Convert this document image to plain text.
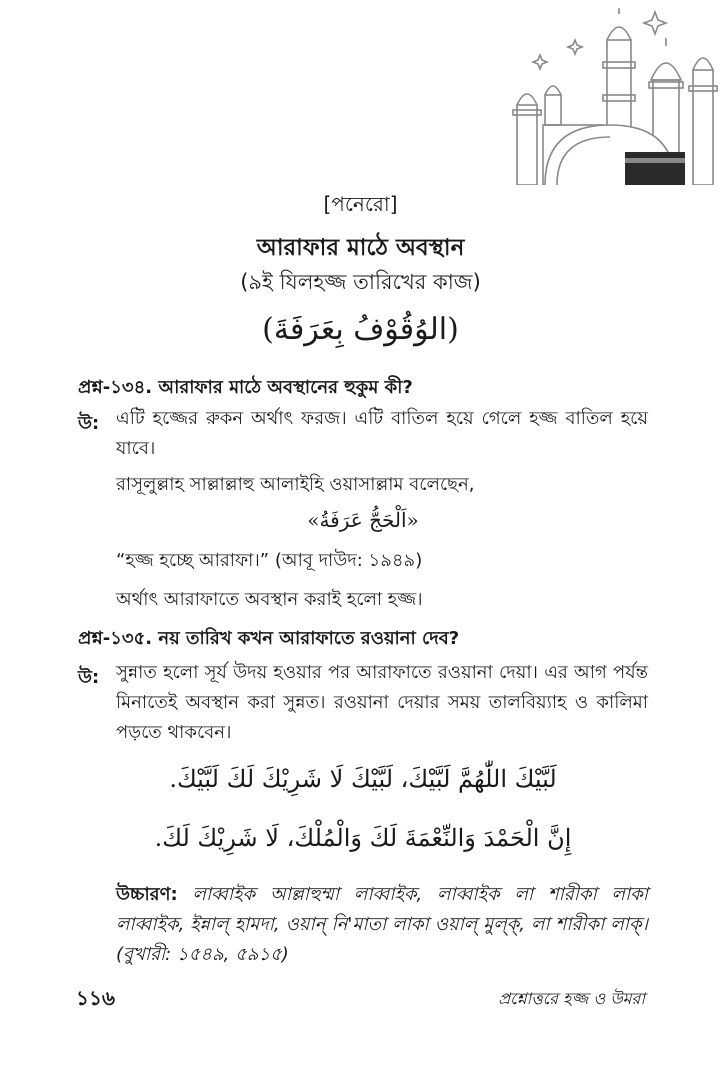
[পনেরো]
আরাফার মাঠে অবস্থান
(৯ই যিলহজ্জ তারিখের কাজ)
(الوُقُوْفُ بِعَرَفَةَ)
প্রশ্ন-১৩৪. আরাফার মাঠে অবস্থানের হুকুম কী?
উ: এটি হজ্জের রুকন অর্থাৎ ফরজ। এটি বাতিল হয়ে গেলে হজ্জ বাতিল হয়ে যাবে।
রাসূলুল্লাহ সাল্লাল্লাহু আলাইহি ওয়াসাল্লাম বলেছেন,
«اَلْحَجُّ عَرَفَةُ»
“হজ্জ হচ্ছে আরাফা।” (আবূ দাউদ: ১৯৪৯)
অর্থাৎ আরাফাতে অবস্থান করাই হলো হজ্জ।
প্রশ্ন-১৩৫. নয় তারিখ কখন আরাফাতে রওয়ানা দেব?
উ: সুন্নাত হলো সূর্য উদয় হওয়ার পর আরাফাতে রওয়ানা দেয়া। এর আগ পর্যন্ত মিনাতেই অবস্থান করা সুন্নত। রওয়ানা দেয়ার সময় তালবিয়্যাহ ও কালিমা পড়তে থাকবেন।
لَبَّيْكَ اللّٰهُمَّ لَبَّيْكَ، لَبَّيْكَ لَا شَرِيْكَ لَكَ لَبَّيْكَ.
إِنَّ الْحَمْدَ وَالنِّعْمَةَ لَكَ وَالْمُلْكَ، لَا شَرِيْكَ لَكَ.
উচ্চারণ: লাব্বাইক আল্লাহুম্মা লাব্বাইক, লাব্বাইক লা শারীকা লাকা লাব্বাইক, ইন্নাল্ হামদা, ওয়ান্ নি'মাতা লাকা ওয়াল্ মুল্ক্, লা শারীকা লাক্। (বুখারী: ১৫৪৯, ৫৯১৫)
১১৬	প্রশ্নোত্তরে হজ্জ ও উমরা
